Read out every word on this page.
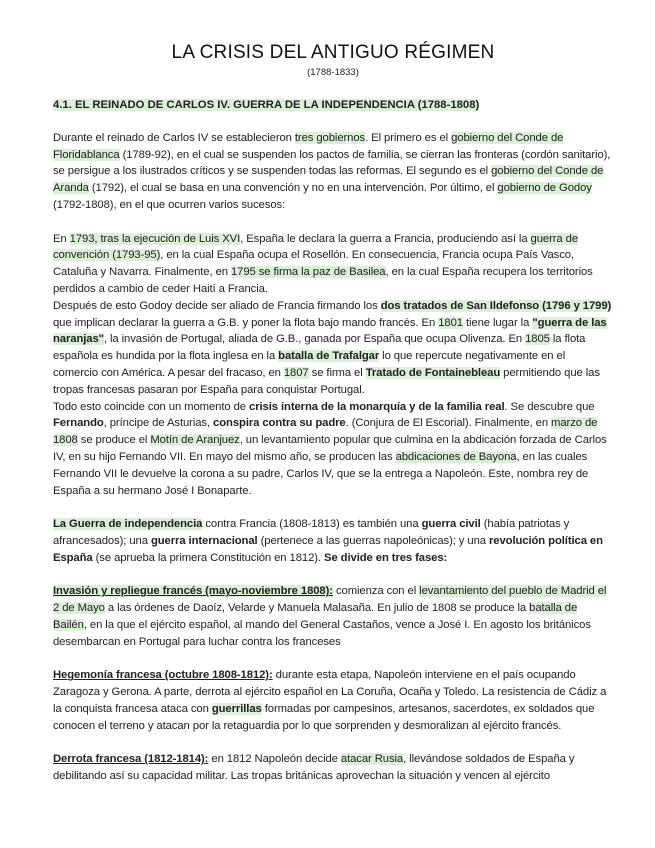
LA CRISIS DEL ANTIGUO RÉGIMEN
(1788-1833)
4.1. EL REINADO DE CARLOS IV. GUERRA DE LA INDEPENDENCIA (1788-1808)

Durante el reinado de Carlos IV se establecieron tres gobiernos. El primero es el gobierno del Conde de Floridablanca (1789-92), en el cual se suspenden los pactos de familia, se cierran las fronteras (cordón sanitario), se persigue a los ilustrados críticos y se suspenden todas las reformas. El segundo es el gobierno del Conde de Aranda (1792), el cual se basa en una convención y no en una intervención. Por último, el gobierno de Godoy (1792-1808), en el que ocurren varios sucesos:

En 1793, tras la ejecución de Luis XVI, España le declara la guerra a Francia, produciendo así la guerra de convención (1793-95), en la cual España ocupa el Rosellón. En consecuencia, Francia ocupa País Vasco, Cataluña y Navarra. Finalmente, en 1795 se firma la paz de Basilea, en la cual España recupera los territorios perdidos a cambio de ceder Haití a Francia.

Después de esto Godoy decide ser aliado de Francia firmando los dos tratados de San Ildefonso (1796 y 1799) que implican declarar la guerra a G.B. y poner la flota bajo mando francés. En 1801 tiene lugar la "guerra de las naranjas", la invasión de Portugal, aliada de G.B., ganada por España que ocupa Olivenza. En 1805 la flota española es hundida por la flota inglesa en la batalla de Trafalgar lo que repercute negativamente en el comercio con América. A pesar del fracaso, en 1807 se firma el Tratado de Fontainebleau permitiendo que las tropas francesas pasaran por España para conquistar Portugal.

Todo esto coincide con un momento de crisis interna de la monarquía y de la familia real. Se descubre que Fernando, príncipe de Asturias, conspira contra su padre. (Conjura de El Escorial). Finalmente, en marzo de 1808 se produce el Motín de Aranjuez, un levantamiento popular que culmina en la abdicación forzada de Carlos IV, en su hijo Fernando VII. En mayo del mismo año, se producen las abdicaciones de Bayona, en las cuales Fernando VII le devuelve la corona a su padre, Carlos IV, que se la entrega a Napoleón. Este, nombra rey de España a su hermano José I Bonaparte.

La Guerra de independencia contra Francia (1808-1813) es también una guerra civil (había patriotas y afrancesados); una guerra internacional (pertenece a las guerras napoleónicas); y una revolución política en España (se aprueba la primera Constitución en 1812). Se divide en tres fases:

Invasión y repliegue francés (mayo-noviembre 1808): comienza con el levantamiento del pueblo de Madrid el 2 de Mayo a las órdenes de Daoíz, Velarde y Manuela Malasaña. En julio de 1808 se produce la batalla de Bailén, en la que el ejército español, al mando del General Castaños, vence a José I. En agosto los británicos desembarcan en Portugal para luchar contra los franceses

Hegemonía francesa (octubre 1808-1812): durante esta etapa, Napoleón interviene en el país ocupando Zaragoza y Gerona. A parte, derrota al ejército español en La Coruña, Ocaña y Toledo. La resistencia de Cádiz a la conquista francesa ataca con guerrillas formadas por campesinos, artesanos, sacerdotes, ex soldados que conocen el terreno y atacan por la retaguardia por lo que sorprenden y desmoralizan al ejército francés.

Derrota francesa (1812-1814): en 1812 Napoleón decide atacar Rusia, llevándose soldados de España y debilitando así su capacidad militar. Las tropas británicas aprovechan la situación y vencen al ejército
